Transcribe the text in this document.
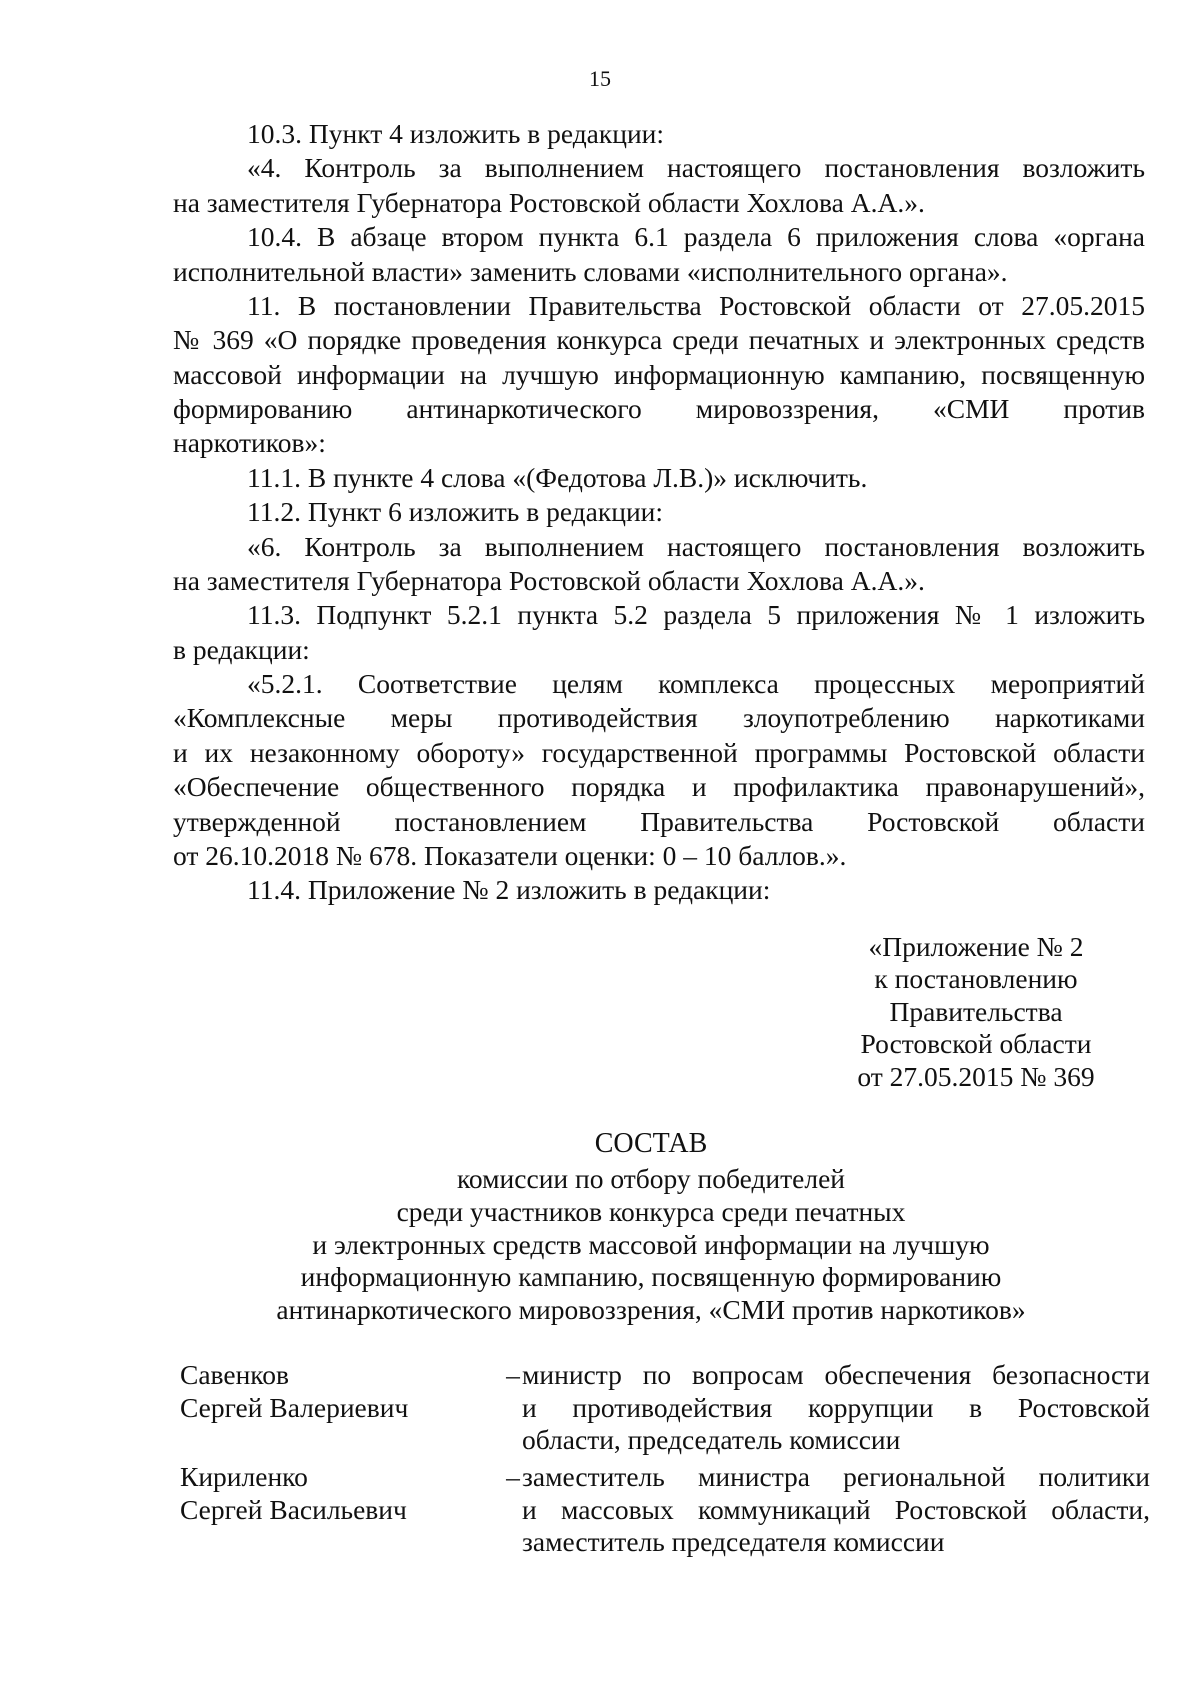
15
10.3. Пункт 4 изложить в редакции:
«4. Контроль за выполнением настоящего постановления возложить
на заместителя Губернатора Ростовской области Хохлова А.А.».
10.4. В абзаце втором пункта 6.1 раздела 6 приложения слова «органа
исполнительной власти» заменить словами «исполнительного органа».
11. В постановлении Правительства Ростовской области от 27.05.2015
№ 369 «О порядке проведения конкурса среди печатных и электронных средств
массовой информации на лучшую информационную кампанию, посвященную
формированию антинаркотического мировоззрения, «СМИ против
наркотиков»:
11.1. В пункте 4 слова «(Федотова Л.В.)» исключить.
11.2. Пункт 6 изложить в редакции:
«6. Контроль за выполнением настоящего постановления возложить
на заместителя Губернатора Ростовской области Хохлова А.А.».
11.3. Подпункт 5.2.1 пункта 5.2 раздела 5 приложения № 1 изложить
в редакции:
«5.2.1. Соответствие целям комплекса процессных мероприятий
«Комплексные меры противодействия злоупотреблению наркотиками
и их незаконному обороту» государственной программы Ростовской области
«Обеспечение общественного порядка и профилактика правонарушений»,
утвержденной постановлением Правительства Ростовской области
от 26.10.2018 № 678. Показатели оценки: 0 – 10 баллов.».
11.4. Приложение № 2 изложить в редакции:
«Приложение № 2
к постановлению
Правительства
Ростовской области
от 27.05.2015 № 369
СОСТАВ
комиссии по отбору победителей
среди участников конкурса среди печатных
и электронных средств массовой информации на лучшую
информационную кампанию, посвященную формированию
антинаркотического мировоззрения, «СМИ против наркотиков»
Савенков
Сергей Валериевич
– министр по вопросам обеспечения безопасности
и противодействия коррупции в Ростовской
области, председатель комиссии
Кириленко
Сергей Васильевич
– заместитель министра региональной политики
и массовых коммуникаций Ростовской области,
заместитель председателя комиссии
